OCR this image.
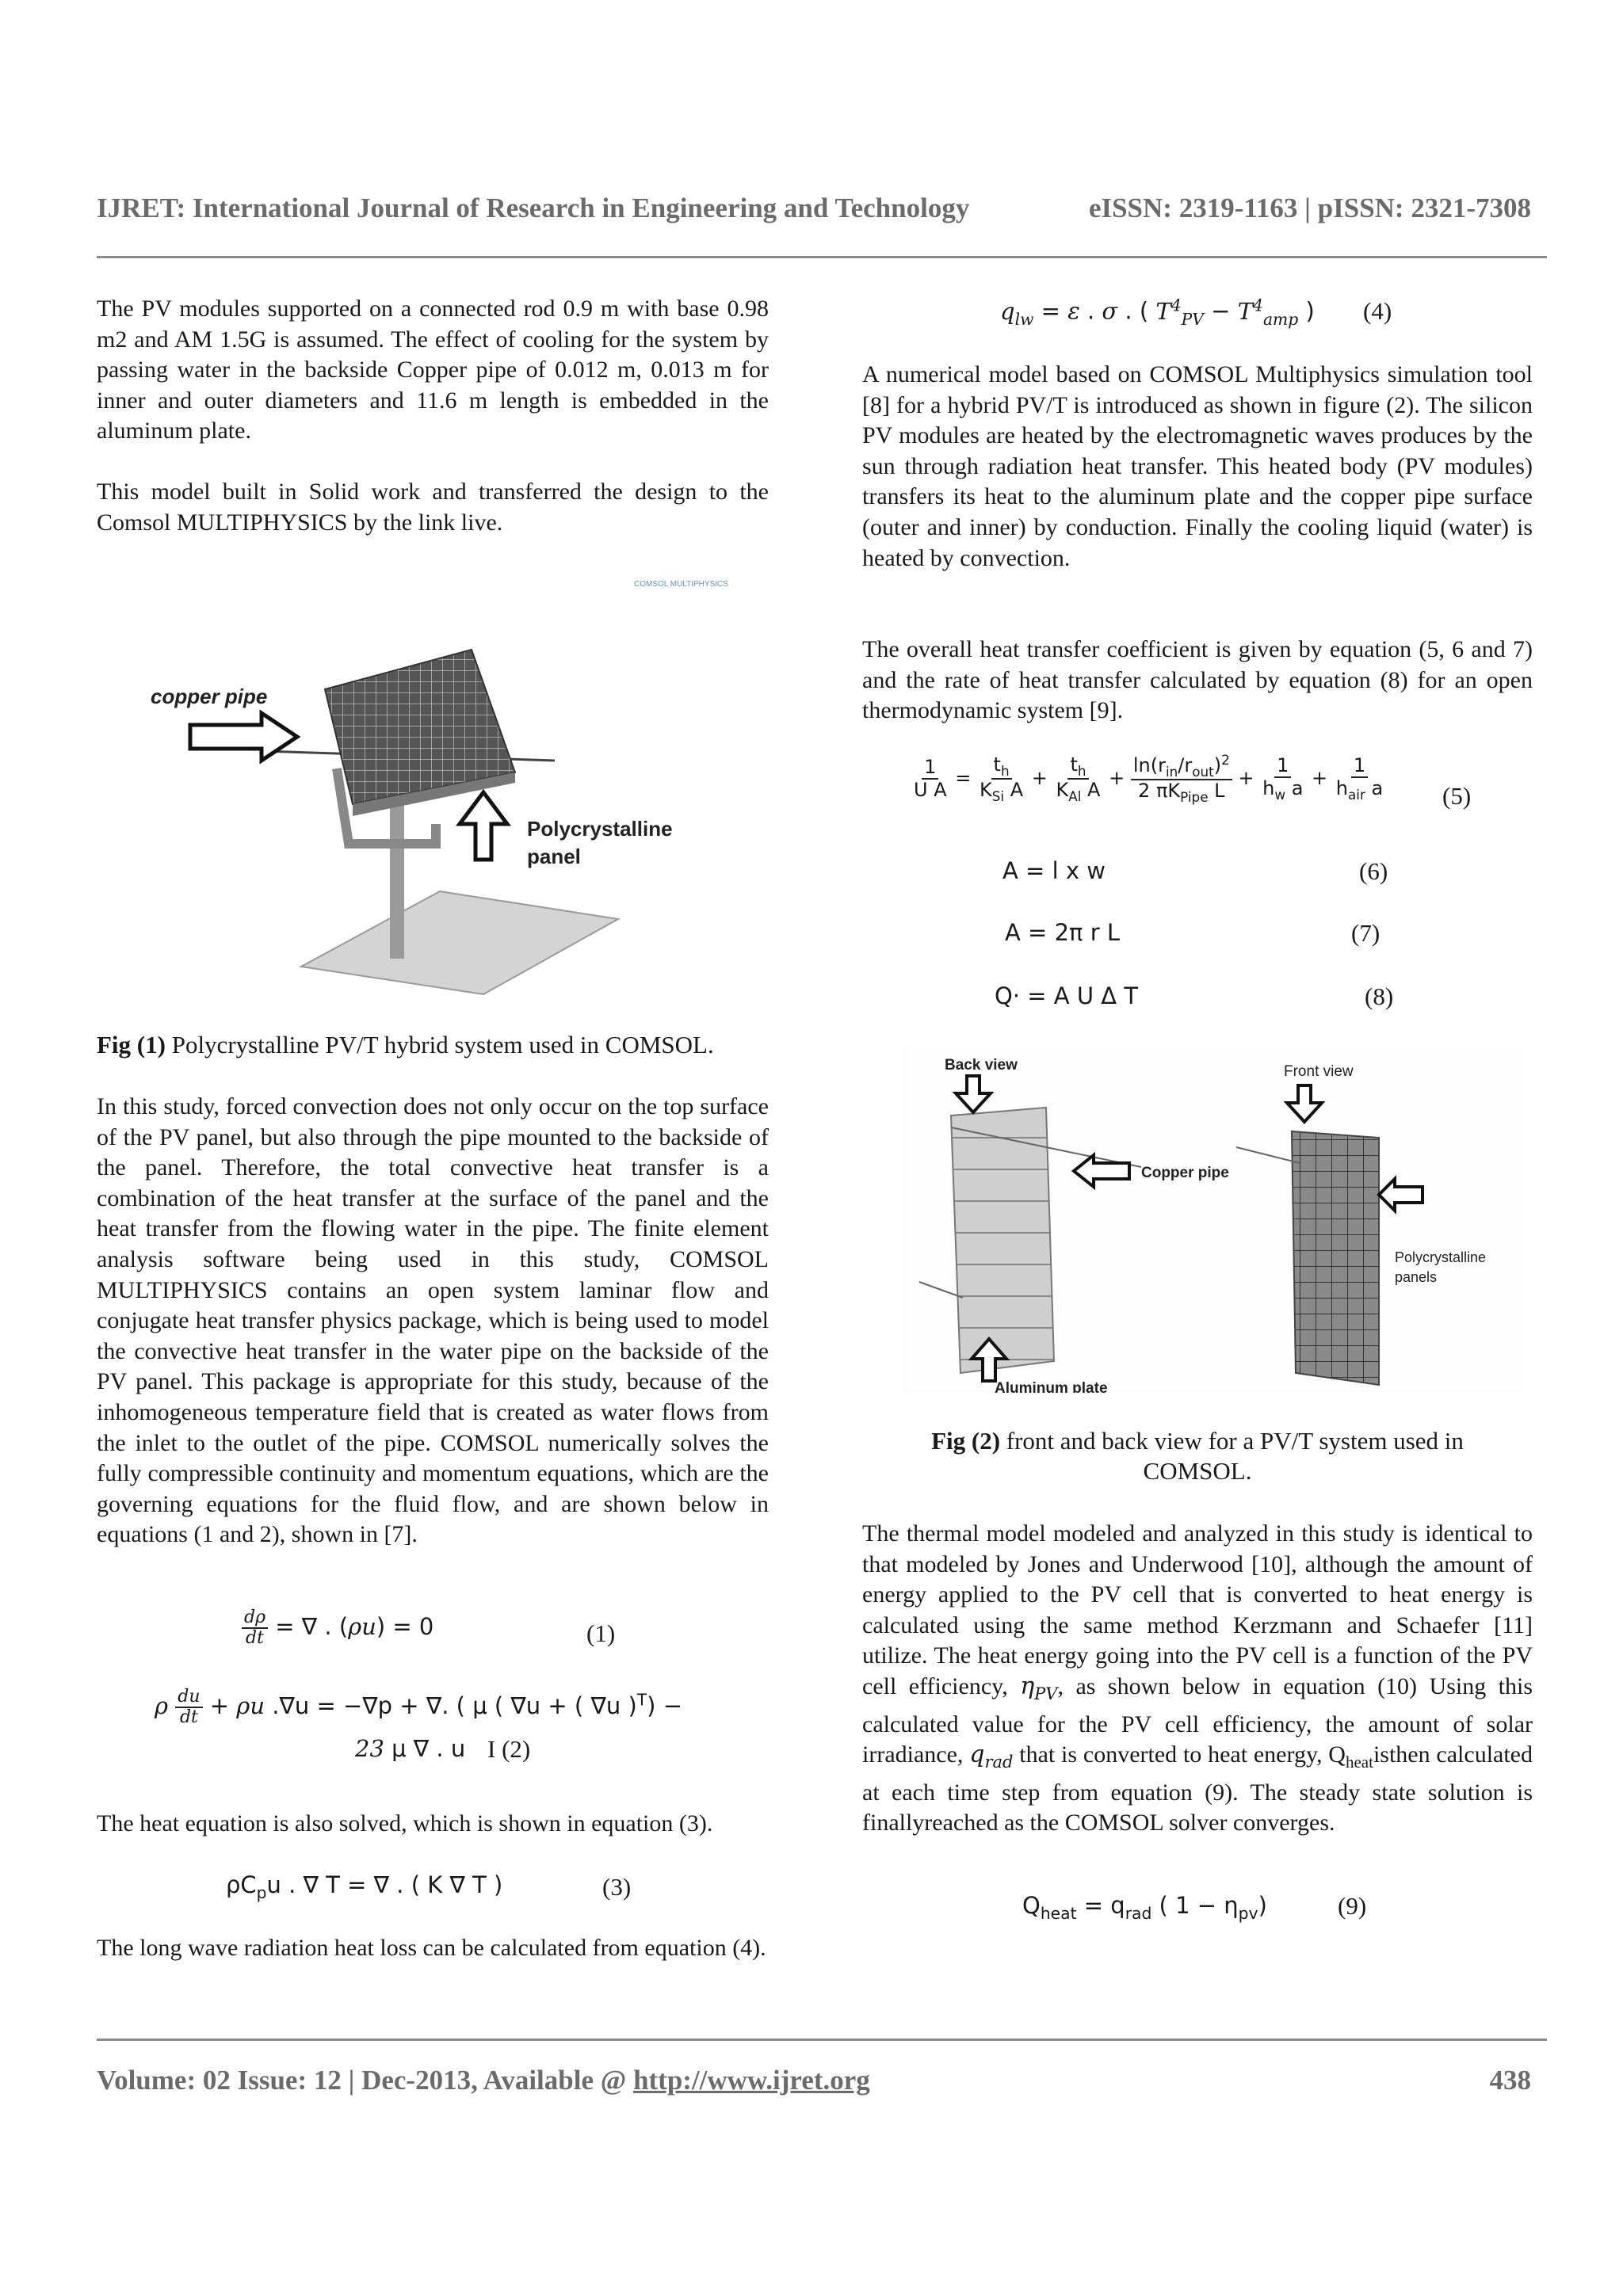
IJRET: International Journal of Research in Engineering and Technology	eISSN: 2319-1163 | pISSN: 2321-7308

The PV modules supported on a connected rod 0.9 m with base 0.98 m2 and AM 1.5G is assumed. The effect of cooling for the system by passing water in the backside Copper pipe of 0.012 m, 0.013 m for inner and outer diameters and 11.6 m length is embedded in the aluminum plate.

This model built in Solid work and transferred the design to the Comsol MULTIPHYSICS by the link live.

COMSOL MULTIPHYSICS
copper pipe
Polycrystalline
panel
Fig (1) Polycrystalline PV/T hybrid system used in COMSOL.

In this study, forced convection does not only occur on the top surface of the PV panel, but also through the pipe mounted to the backside of the panel. Therefore, the total convective heat transfer is a combination of the heat transfer at the surface of the panel and the heat transfer from the flowing water in the pipe. The finite element analysis software being used in this study, COMSOL MULTIPHYSICS contains an open system laminar flow and conjugate heat transfer physics package, which is being used to model the convective heat transfer in the water pipe on the backside of the PV panel. This package is appropriate for this study, because of the inhomogeneous temperature field that is created as water flows from the inlet to the outlet of the pipe. COMSOL numerically solves the fully compressible continuity and momentum equations, which are the governing equations for the fluid flow, and are shown below in equations (1 and 2), shown in [7].

$\frac{d\rho}{dt}$ = ∇ . (ρu) = 0	(1)
ρ $\frac{du}{dt} + \rho u$ .∇u = −∇p + ∇. ( μ ( ∇u + ( ∇u )$^T$) −
23 μ ∇ . u I (2)

The heat equation is also solved, which is shown in equation (3).

$\rho C_pu$ . ∇ T = ∇ . ( K ∇ T )	(3)

The long wave radiation heat loss can be calculated from equation (4).

$q_{lw} = \varepsilon$ . σ . ( $T^4_{PV} - T^4_{amp}$ ) (4)

A numerical model based on COMSOL Multiphysics simulation tool [8] for a hybrid PV/T is introduced as shown in figure (2). The silicon PV modules are heated by the electromagnetic waves produces by the sun through radiation heat transfer. This heated body (PV modules) transfers its heat to the aluminum plate and the copper pipe surface (outer and inner) by conduction. Finally the cooling liquid (water) is heated by convection.

The overall heat transfer coefficient is given by equation (5, 6 and 7) and the rate of heat transfer calculated by equation (8) for an open thermodynamic system [9].

$\frac{1}{\text{U A}} = \frac{t_h}{K_{Si} A} + \frac{t_h}{K_{Al} A} + \frac{\ln(r_{in}/r_{out})^2}{2 \pi K_{Pipe} L} + \frac{1}{h_w a} + \frac{1}{h_{air} a} (5)$
A = l x w	(6)
A = 2π r L	(7)
Q· = A U Δ T	(8)
Back view
Copper pipe
Aluminum plate
Front view
Polycrystalline
panels
Fig (2) front and back view for a PV/T system used in
COMSOL.

The thermal model modeled and analyzed in this study is identical to that modeled by Jones and Underwood [10], although the amount of energy applied to the PV cell that is converted to heat energy is calculated using the same method Kerzmann and Schaefer [11] utilize. The heat energy going into the PV cell is a function of the PV cell efficiency, $\eta_{PV}$, as shown below in equation (10) Using this calculated value for the PV cell efficiency, the amount of solar irradiance, $q_{rad}$ that is converted to heat energy, $Q_{heat}isthen$ calculated at each time step from equation (9). The steady state solution is finallyreached as the COMSOL solver converges.

$Q_{heat} = q_{rad}$ ( $1 - \eta_{pv}$)	(9)
Volume: 02 Issue: 12 | Dec-2013, Available @ http://www.ijret.org	438
